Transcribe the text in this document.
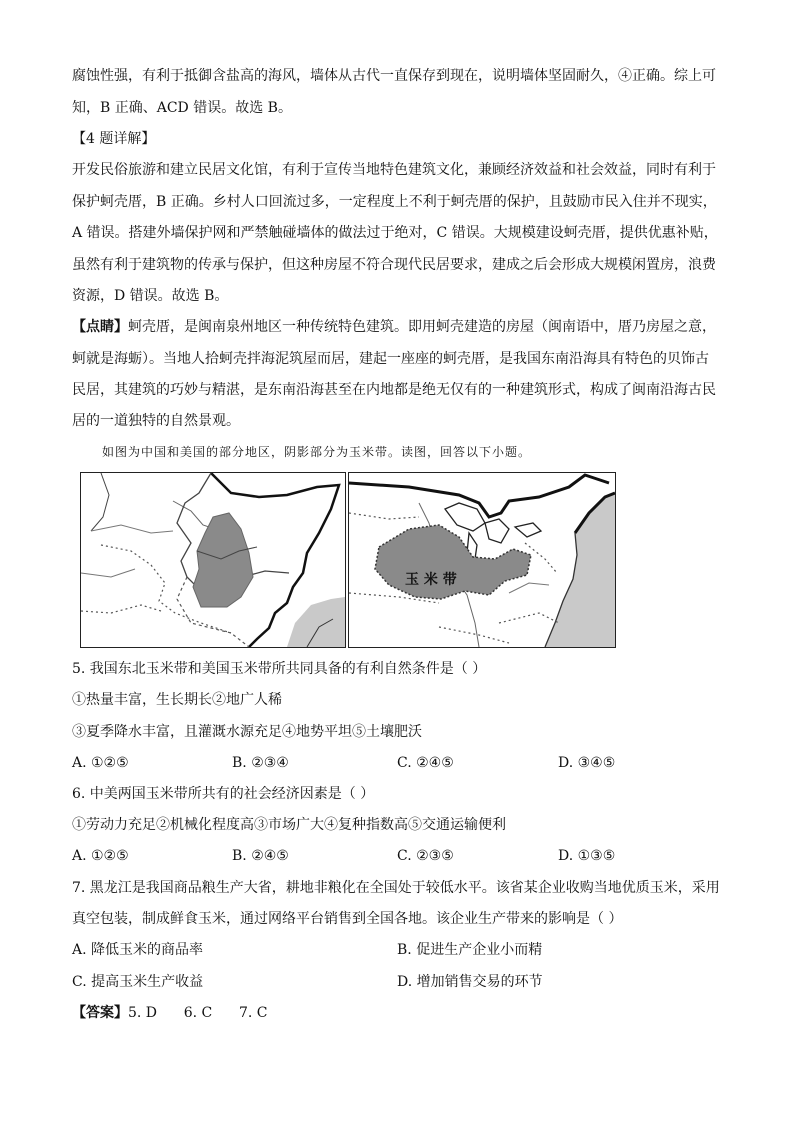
腐蚀性强，有利于抵御含盐高的海风，墙体从古代一直保存到现在，说明墙体坚固耐久，④正确。综上可
知，B 正确、ACD 错误。故选 B。
【4 题详解】
开发民俗旅游和建立民居文化馆，有利于宣传当地特色建筑文化，兼顾经济效益和社会效益，同时有利于
保护蚵壳厝，B 正确。乡村人口回流过多，一定程度上不利于蚵壳厝的保护，且鼓励市民入住并不现实，
A 错误。搭建外墙保护网和严禁触碰墙体的做法过于绝对，C 错误。大规模建设蚵壳厝，提供优惠补贴，
虽然有利于建筑物的传承与保护，但这种房屋不符合现代民居要求，建成之后会形成大规模闲置房，浪费
资源，D 错误。故选 B。
【点睛】蚵壳厝，是闽南泉州地区一种传统特色建筑。即用蚵壳建造的房屋（闽南语中，厝乃房屋之意，
蚵就是海蛎）。当地人拾蚵壳拌海泥筑屋而居，建起一座座的蚵壳厝，是我国东南沿海具有特色的贝饰古
民居，其建筑的巧妙与精湛，是东南沿海甚至在内地都是绝无仅有的一种建筑形式，构成了闽南沿海古民
居的一道独特的自然景观。
如图为中国和美国的部分地区，阴影部分为玉米带。读图，回答以下小题。
玉 米 带
5. 我国东北玉米带和美国玉米带所共同具备的有利自然条件是（ ）
①热量丰富，生长期长②地广人稀
③夏季降水丰富，且灌溉水源充足④地势平坦⑤土壤肥沃
A. ①②⑤	B. ②③④	C. ②④⑤	D. ③④⑤
6. 中美两国玉米带所共有的社会经济因素是（ ）
①劳动力充足②机械化程度高③市场广大④复种指数高⑤交通运输便利
A. ①②⑤	B. ②④⑤	C. ②③⑤	D. ①③⑤
7. 黑龙江是我国商品粮生产大省，耕地非粮化在全国处于较低水平。该省某企业收购当地优质玉米，采用
真空包装，制成鲜食玉米，通过网络平台销售到全国各地。该企业生产带来的影响是（ ）
A. 降低玉米的商品率	B. 促进生产企业小而精
C. 提高玉米生产收益	D. 增加销售交易的环节
【答案】5. D      6. C      7. C
